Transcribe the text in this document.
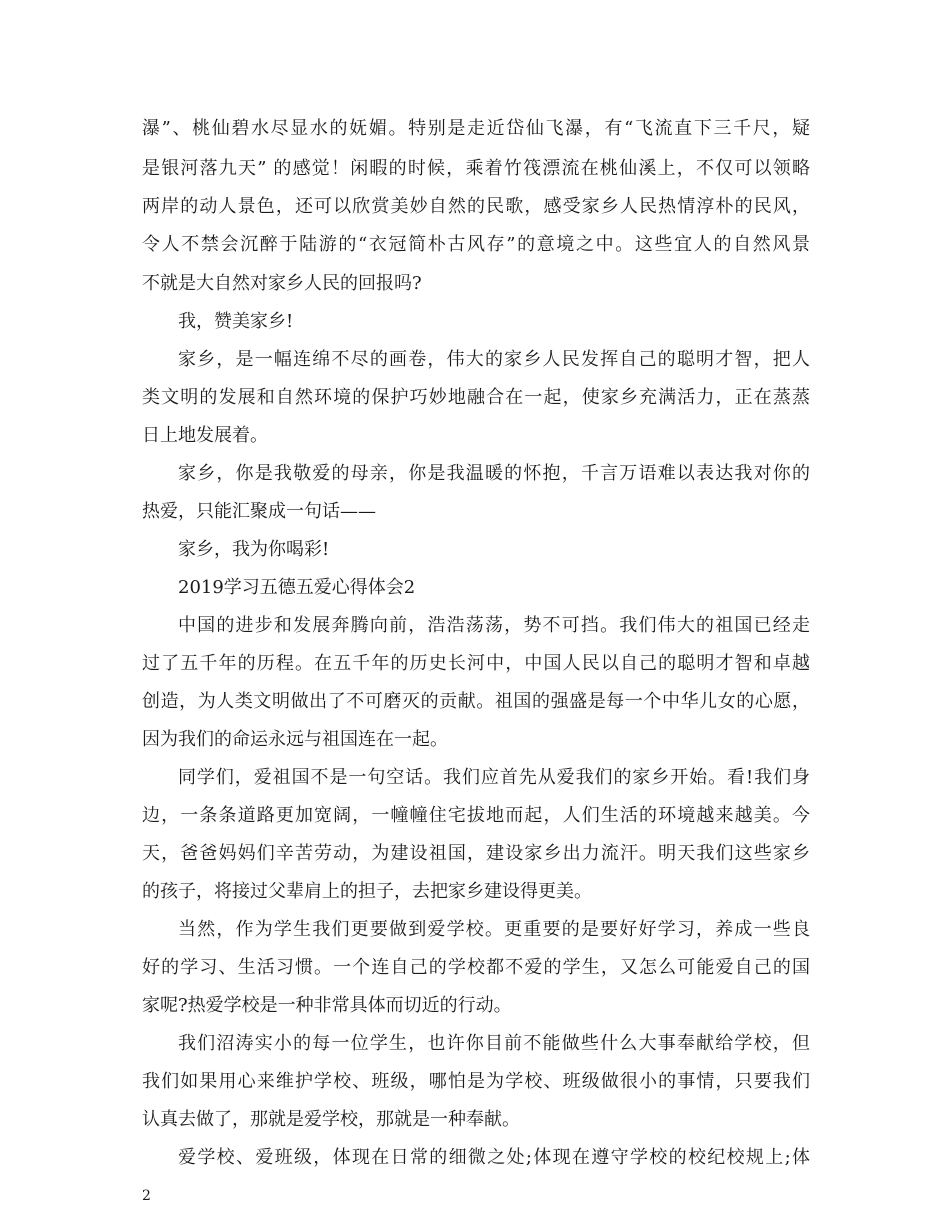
瀑”、桃仙碧水尽显水的妩媚。特别是走近岱仙飞瀑，有“飞流直下三千尺，疑
是银河落九天” 的感觉！闲暇的时候，乘着竹筏漂流在桃仙溪上，不仅可以领略
两岸的动人景色，还可以欣赏美妙自然的民歌，感受家乡人民热情淳朴的民风，
令人不禁会沉醉于陆游的“衣冠简朴古风存”的意境之中。这些宜人的自然风景
不就是大自然对家乡人民的回报吗?
我，赞美家乡!
家乡，是一幅连绵不尽的画卷，伟大的家乡人民发挥自己的聪明才智，把人
类文明的发展和自然环境的保护巧妙地融合在一起，使家乡充满活力，正在蒸蒸
日上地发展着。
家乡，你是我敬爱的母亲，你是我温暖的怀抱，千言万语难以表达我对你的
热爱，只能汇聚成一句话——
家乡，我为你喝彩!
2019学习五德五爱心得体会2
中国的进步和发展奔腾向前，浩浩荡荡，势不可挡。我们伟大的祖国已经走
过了五千年的历程。在五千年的历史长河中，中国人民以自己的聪明才智和卓越
创造，为人类文明做出了不可磨灭的贡献。祖国的强盛是每一个中华儿女的心愿，
因为我们的命运永远与祖国连在一起。
同学们，爱祖国不是一句空话。我们应首先从爱我们的家乡开始。看!我们身
边，一条条道路更加宽阔，一幢幢住宅拔地而起，人们生活的环境越来越美。今
天，爸爸妈妈们辛苦劳动，为建设祖国，建设家乡出力流汗。明天我们这些家乡
的孩子，将接过父辈肩上的担子，去把家乡建设得更美。
当然，作为学生我们更要做到爱学校。更重要的是要好好学习，养成一些良
好的学习、生活习惯。一个连自己的学校都不爱的学生，又怎么可能爱自己的国
家呢?热爱学校是一种非常具体而切近的行动。
我们沼涛实小的每一位学生，也许你目前不能做些什么大事奉献给学校，但
我们如果用心来维护学校、班级，哪怕是为学校、班级做很小的事情，只要我们
认真去做了，那就是爱学校，那就是一种奉献。
爱学校、爱班级，体现在日常的细微之处;体现在遵守学校的校纪校规上;体
2
